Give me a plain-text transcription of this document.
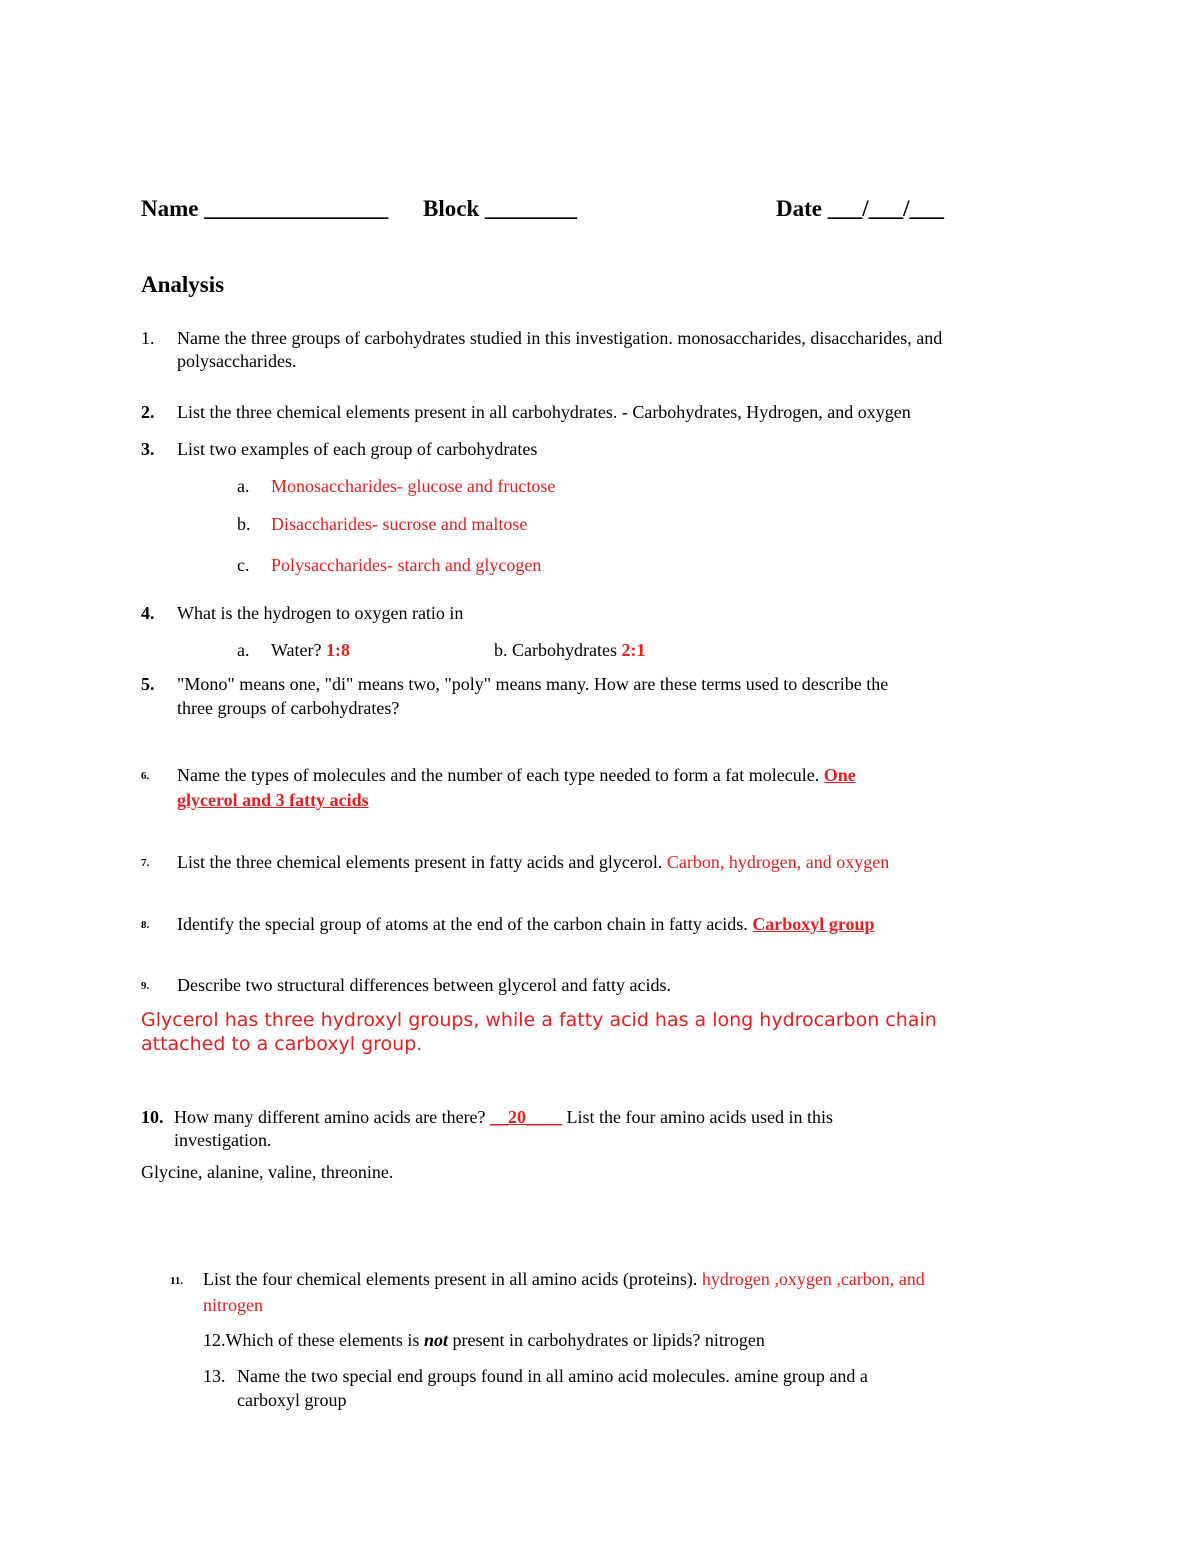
Name ________________ Block ________	Date ___/___/___
Analysis
1. Name the three groups of carbohydrates studied in this investigation. monosaccharides, disaccharides, and
polysaccharides.
2. List the three chemical elements present in all carbohydrates. - Carbohydrates, Hydrogen, and oxygen
3. List two examples of each group of carbohydrates
a. Monosaccharides- glucose and fructose
b. Disaccharides- sucrose and maltose
c. Polysaccharides- starch and glycogen
4. What is the hydrogen to oxygen ratio in
a. Water? 1:8	b. Carbohydrates 2:1
5. "Mono" means one, "di" means two, "poly" means many. How are these terms used to describe the
three groups of carbohydrates?
6. Name the types of molecules and the number of each type needed to form a fat molecule. One
glycerol and 3 fatty acids
7. List the three chemical elements present in fatty acids and glycerol. Carbon, hydrogen, and oxygen
8. Identify the special group of atoms at the end of the carbon chain in fatty acids. Carboxyl group
9. Describe two structural differences between glycerol and fatty acids.
Glycerol has three hydroxyl groups, while a fatty acid has a long hydrocarbon chain
attached to a carboxyl group.
10. How many different amino acids are there? __20____ List the four amino acids used in this
investigation.
Glycine, alanine, valine, threonine.
11. List the four chemical elements present in all amino acids (proteins). hydrogen ,oxygen ,carbon, and
nitrogen
12.Which of these elements is not present in carbohydrates or lipids? nitrogen
13. Name the two special end groups found in all amino acid molecules. amine group and a
carboxyl group
